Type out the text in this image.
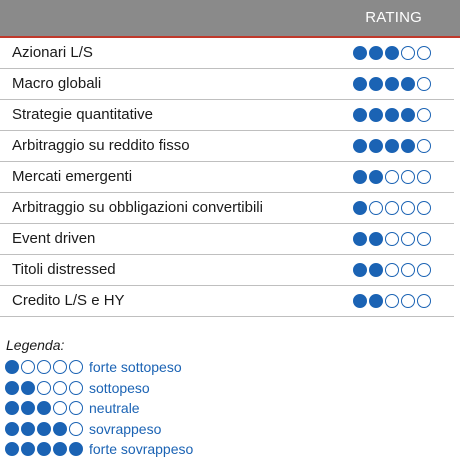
RATING
Azionari L/S
Macro globali
Strategie quantitative
Arbitraggio su reddito fisso
Mercati emergenti
Arbitraggio su obbligazioni convertibili
Event driven
Titoli distressed
Credito L/S e HY
Legenda:
forte sottopeso
sottopeso
neutrale
sovrappeso
forte sovrappeso
